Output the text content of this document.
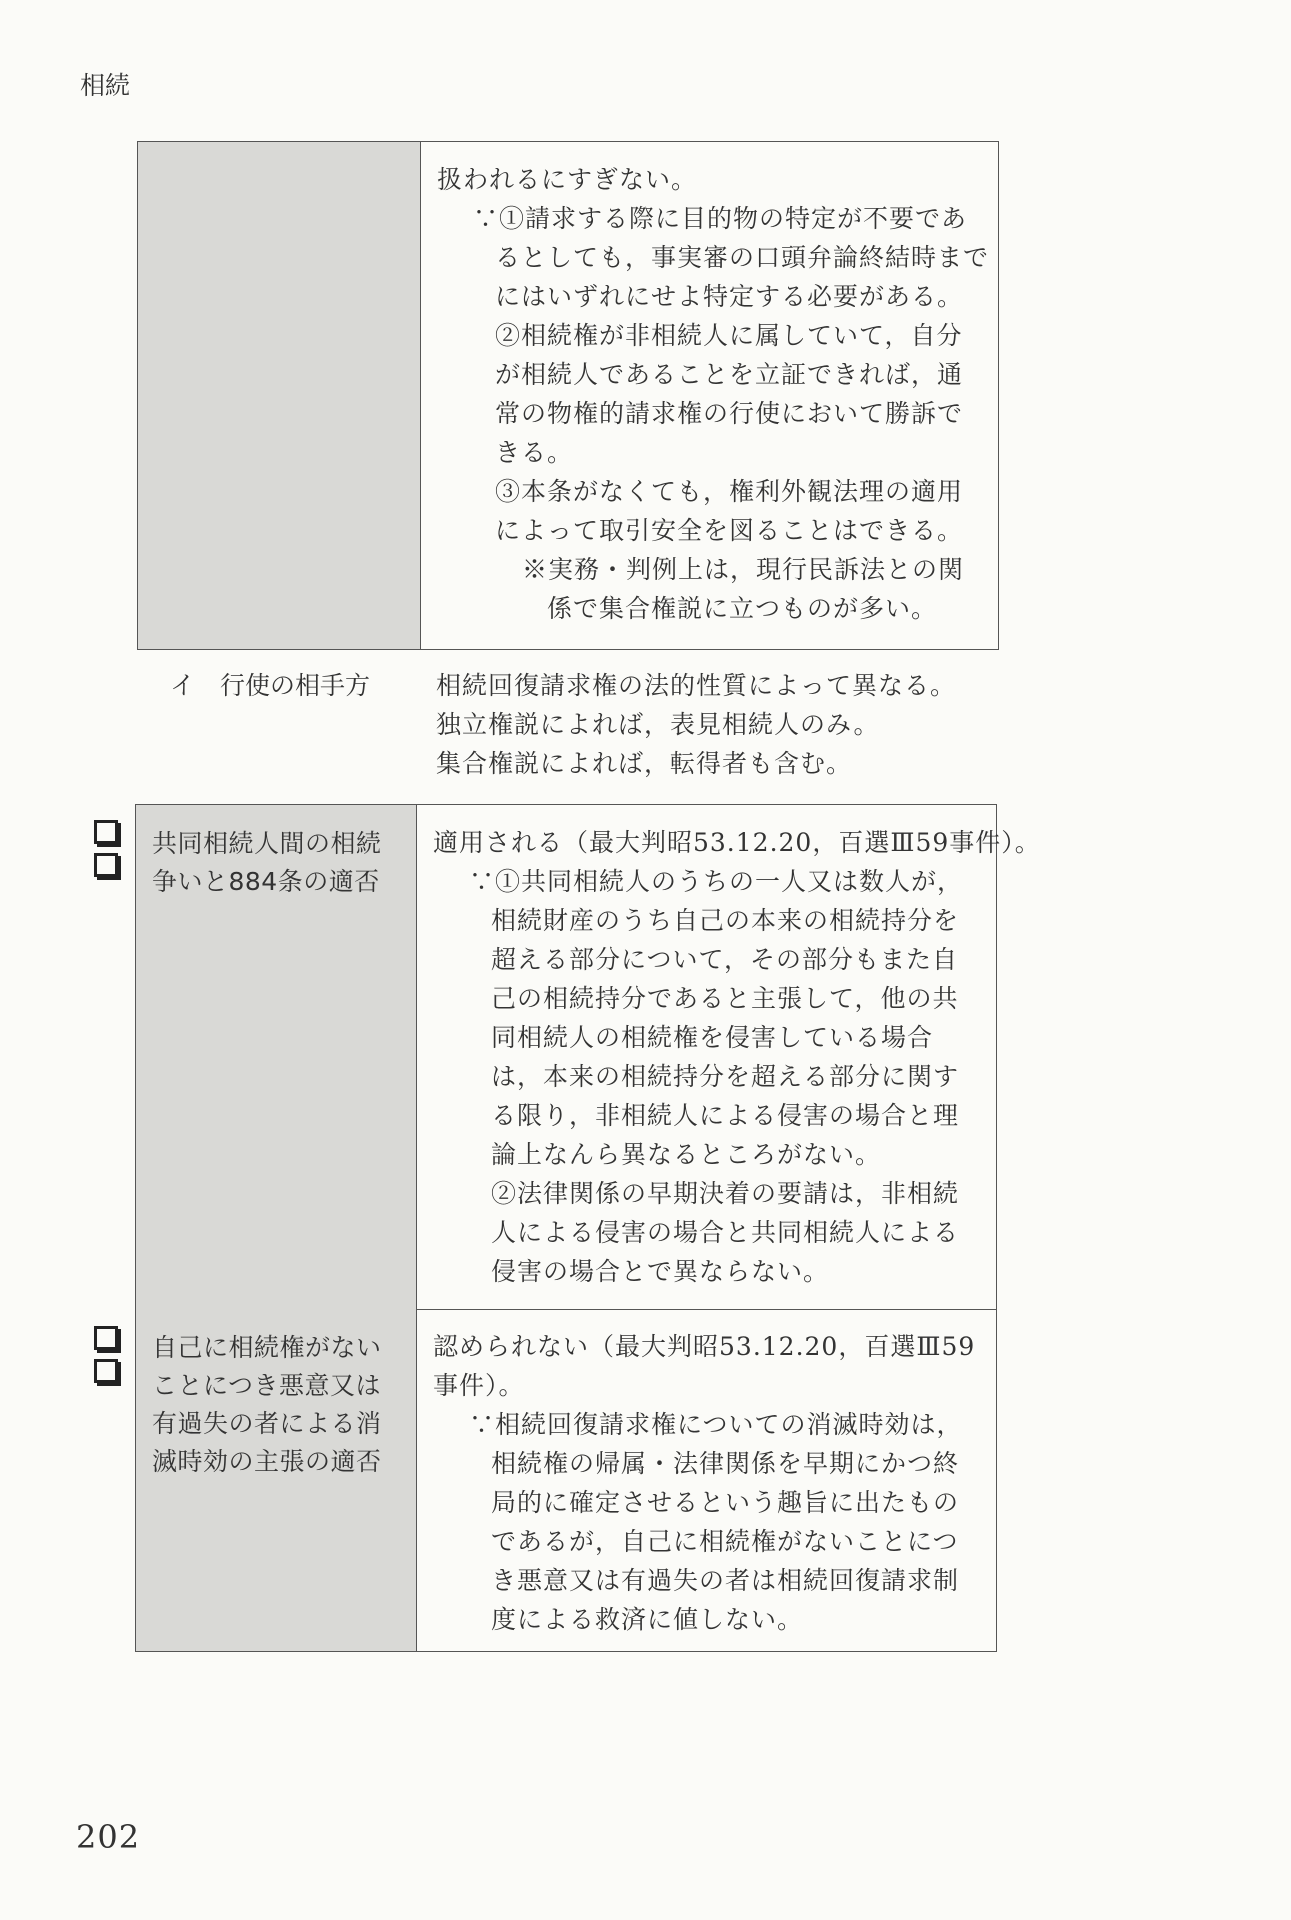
相続

扱われるにすぎない。

∵①請求する際に目的物の特定が不要であ

るとしても，事実審の口頭弁論終結時まで

にはいずれにせよ特定する必要がある。

②相続権が非相続人に属していて，自分

が相続人であることを立証できれば，通

常の物権的請求権の行使において勝訴で

きる。

③本条がなくても，権利外観法理の適用

によって取引安全を図ることはできる。

※実務・判例上は，現行民訴法との関

係で集合権説に立つものが多い。

イ　行使の相手方	相続回復請求権の法的性質によって異なる。

独立権説によれば，表見相続人のみ。

集合権説によれば，転得者も含む。

共同相続人間の相続
争いと884条の適否

適用される（最大判昭53.12.20，百選Ⅲ59事件）。

∵①共同相続人のうちの一人又は数人が，

相続財産のうち自己の本来の相続持分を

超える部分について，その部分もまた自

己の相続持分であると主張して，他の共

同相続人の相続権を侵害している場合

は，本来の相続持分を超える部分に関す

る限り，非相続人による侵害の場合と理

論上なんら異なるところがない。

②法律関係の早期決着の要請は，非相続

人による侵害の場合と共同相続人による

侵害の場合とで異ならない。

自己に相続権がない
ことにつき悪意又は
有過失の者による消
滅時効の主張の適否

認められない（最大判昭53.12.20，百選Ⅲ59

事件）。

∵相続回復請求権についての消滅時効は，

相続権の帰属・法律関係を早期にかつ終

局的に確定させるという趣旨に出たもの

であるが，自己に相続権がないことにつ

き悪意又は有過失の者は相続回復請求制

度による救済に値しない。

202
